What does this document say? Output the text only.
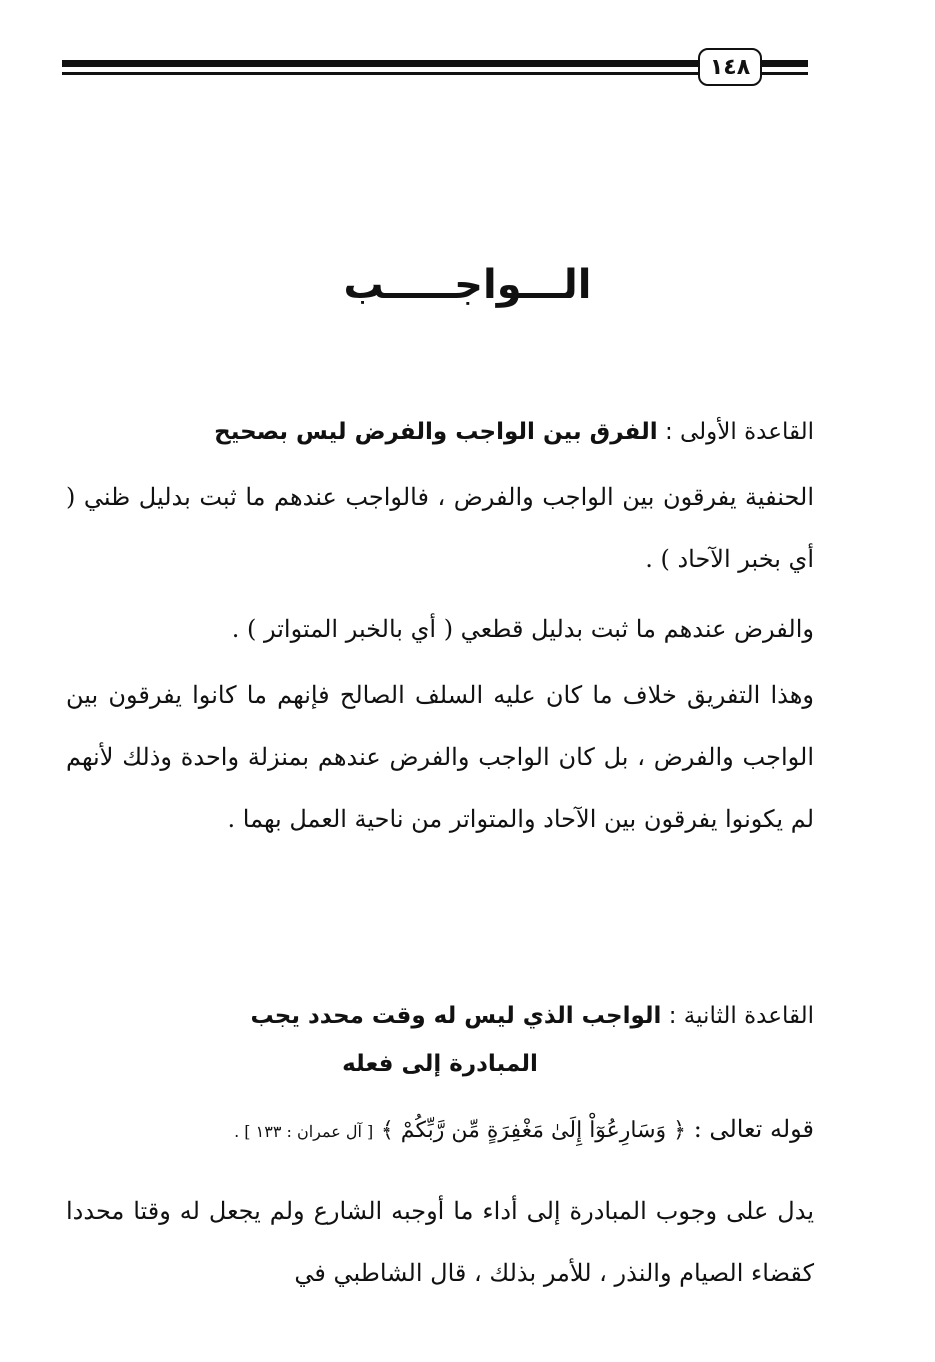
١٤٨
الـــواجـــــب
القاعدة الأولى : الفرق بين الواجب والفرض ليس بصحيح
الحنفية يفرقون بين الواجب والفرض ، فالواجب عندهم ما ثبت بدليل ظني ( أي بخبر الآحاد ) .
والفرض عندهم ما ثبت بدليل قطعي ( أي بالخبر المتواتر ) .
وهذا التفريق خلاف ما كان عليه السلف الصالح فإنهم ما كانوا يفرقون بين الواجب والفرض ، بل كان الواجب والفرض عندهم بمنزلة واحدة وذلك لأنهم لم يكونوا يفرقون بين الآحاد والمتواتر من ناحية العمل بهما .
القاعدة الثانية : الواجب الذي ليس له وقت محدد يجب
المبادرة إلى فعله
قوله تعالى : ﴿ وَسَارِعُوٓاْ إِلَىٰ مَغْفِرَةٍ مِّن رَّبِّكُمْ ﴾ [ آل عمران : ١٣٣ ] .
يدل على وجوب المبادرة إلى أداء ما أوجبه الشارع ولم يجعل له وقتا محددا كقضاء الصيام والنذر ، للأمر بذلك ، قال الشاطبي في
